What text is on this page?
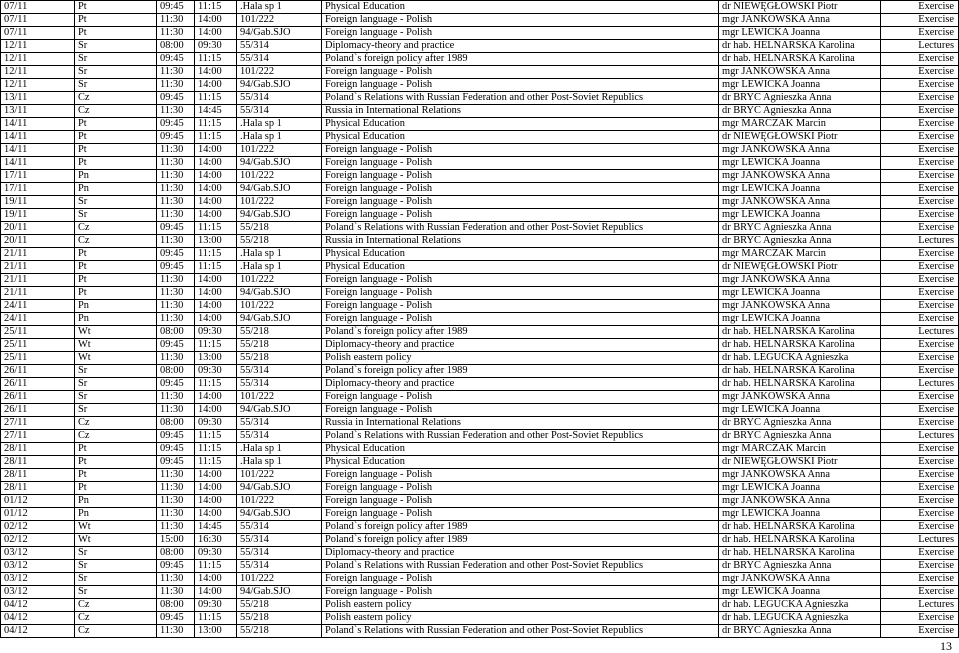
07/11	Pt	09:45	11:15	.Hala sp 1	Physical Education	dr NIEWĘGŁOWSKI Piotr	Exercise
07/11	Pt	11:30	14:00	101/222	Foreign language - Polish	mgr JANKOWSKA Anna	Exercise
07/11	Pt	11:30	14:00	94/Gab.SJO	Foreign language - Polish	mgr LEWICKA Joanna	Exercise
12/11	Śr	08:00	09:30	55/314	Diplomacy-theory and practice	dr hab. HELNARSKA Karolina	Lectures
12/11	Śr	09:45	11:15	55/314	Poland`s foreign policy after 1989	dr hab. HELNARSKA Karolina	Exercise
12/11	Śr	11:30	14:00	101/222	Foreign language - Polish	mgr JANKOWSKA Anna	Exercise
12/11	Śr	11:30	14:00	94/Gab.SJO	Foreign language - Polish	mgr LEWICKA Joanna	Exercise
13/11	Cz	09:45	11:15	55/314	Poland`s Relations with Russian Federation and other Post-Soviet Republics	dr BRYC Agnieszka Anna	Exercise
13/11	Cz	11:30	14:45	55/314	Russia in International Relations	dr BRYC Agnieszka Anna	Exercise
14/11	Pt	09:45	11:15	.Hala sp 1	Physical Education	mgr MARCZAK Marcin	Exercise
14/11	Pt	09:45	11:15	.Hala sp 1	Physical Education	dr NIEWĘGŁOWSKI Piotr	Exercise
14/11	Pt	11:30	14:00	101/222	Foreign language - Polish	mgr JANKOWSKA Anna	Exercise
14/11	Pt	11:30	14:00	94/Gab.SJO	Foreign language - Polish	mgr LEWICKA Joanna	Exercise
17/11	Pn	11:30	14:00	101/222	Foreign language - Polish	mgr JANKOWSKA Anna	Exercise
17/11	Pn	11:30	14:00	94/Gab.SJO	Foreign language - Polish	mgr LEWICKA Joanna	Exercise
19/11	Śr	11:30	14:00	101/222	Foreign language - Polish	mgr JANKOWSKA Anna	Exercise
19/11	Śr	11:30	14:00	94/Gab.SJO	Foreign language - Polish	mgr LEWICKA Joanna	Exercise
20/11	Cz	09:45	11:15	55/218	Poland`s Relations with Russian Federation and other Post-Soviet Republics	dr BRYC Agnieszka Anna	Exercise
20/11	Cz	11:30	13:00	55/218	Russia in International Relations	dr BRYC Agnieszka Anna	Lectures
21/11	Pt	09:45	11:15	.Hala sp 1	Physical Education	mgr MARCZAK Marcin	Exercise
21/11	Pt	09:45	11:15	.Hala sp 1	Physical Education	dr NIEWĘGŁOWSKI Piotr	Exercise
21/11	Pt	11:30	14:00	101/222	Foreign language - Polish	mgr JANKOWSKA Anna	Exercise
21/11	Pt	11:30	14:00	94/Gab.SJO	Foreign language - Polish	mgr LEWICKA Joanna	Exercise
24/11	Pn	11:30	14:00	101/222	Foreign language - Polish	mgr JANKOWSKA Anna	Exercise
24/11	Pn	11:30	14:00	94/Gab.SJO	Foreign language - Polish	mgr LEWICKA Joanna	Exercise
25/11	Wt	08:00	09:30	55/218	Poland`s foreign policy after 1989	dr hab. HELNARSKA Karolina	Lectures
25/11	Wt	09:45	11:15	55/218	Diplomacy-theory and practice	dr hab. HELNARSKA Karolina	Exercise
25/11	Wt	11:30	13:00	55/218	Polish eastern policy	dr hab. LEGUCKA Agnieszka	Exercise
26/11	Śr	08:00	09:30	55/314	Poland`s foreign policy after 1989	dr hab. HELNARSKA Karolina	Exercise
26/11	Śr	09:45	11:15	55/314	Diplomacy-theory and practice	dr hab. HELNARSKA Karolina	Lectures
26/11	Śr	11:30	14:00	101/222	Foreign language - Polish	mgr JANKOWSKA Anna	Exercise
26/11	Śr	11:30	14:00	94/Gab.SJO	Foreign language - Polish	mgr LEWICKA Joanna	Exercise
27/11	Cz	08:00	09:30	55/314	Russia in International Relations	dr BRYC Agnieszka Anna	Exercise
27/11	Cz	09:45	11:15	55/314	Poland`s Relations with Russian Federation and other Post-Soviet Republics	dr BRYC Agnieszka Anna	Lectures
28/11	Pt	09:45	11:15	.Hala sp 1	Physical Education	mgr MARCZAK Marcin	Exercise
28/11	Pt	09:45	11:15	.Hala sp 1	Physical Education	dr NIEWĘGŁOWSKI Piotr	Exercise
28/11	Pt	11:30	14:00	101/222	Foreign language - Polish	mgr JANKOWSKA Anna	Exercise
28/11	Pt	11:30	14:00	94/Gab.SJO	Foreign language - Polish	mgr LEWICKA Joanna	Exercise
01/12	Pn	11:30	14:00	101/222	Foreign language - Polish	mgr JANKOWSKA Anna	Exercise
01/12	Pn	11:30	14:00	94/Gab.SJO	Foreign language - Polish	mgr LEWICKA Joanna	Exercise
02/12	Wt	11:30	14:45	55/314	Poland`s foreign policy after 1989	dr hab. HELNARSKA Karolina	Exercise
02/12	Wt	15:00	16:30	55/314	Poland`s foreign policy after 1989	dr hab. HELNARSKA Karolina	Lectures
03/12	Śr	08:00	09:30	55/314	Diplomacy-theory and practice	dr hab. HELNARSKA Karolina	Exercise
03/12	Śr	09:45	11:15	55/314	Poland`s Relations with Russian Federation and other Post-Soviet Republics	dr BRYC Agnieszka Anna	Exercise
03/12	Śr	11:30	14:00	101/222	Foreign language - Polish	mgr JANKOWSKA Anna	Exercise
03/12	Śr	11:30	14:00	94/Gab.SJO	Foreign language - Polish	mgr LEWICKA Joanna	Exercise
04/12	Cz	08:00	09:30	55/218	Polish eastern policy	dr hab. LEGUCKA Agnieszka	Lectures
04/12	Cz	09:45	11:15	55/218	Polish eastern policy	dr hab. LEGUCKA Agnieszka	Exercise
04/12	Cz	11:30	13:00	55/218	Poland`s Relations with Russian Federation and other Post-Soviet Republics	dr BRYC Agnieszka Anna	Exercise
13
